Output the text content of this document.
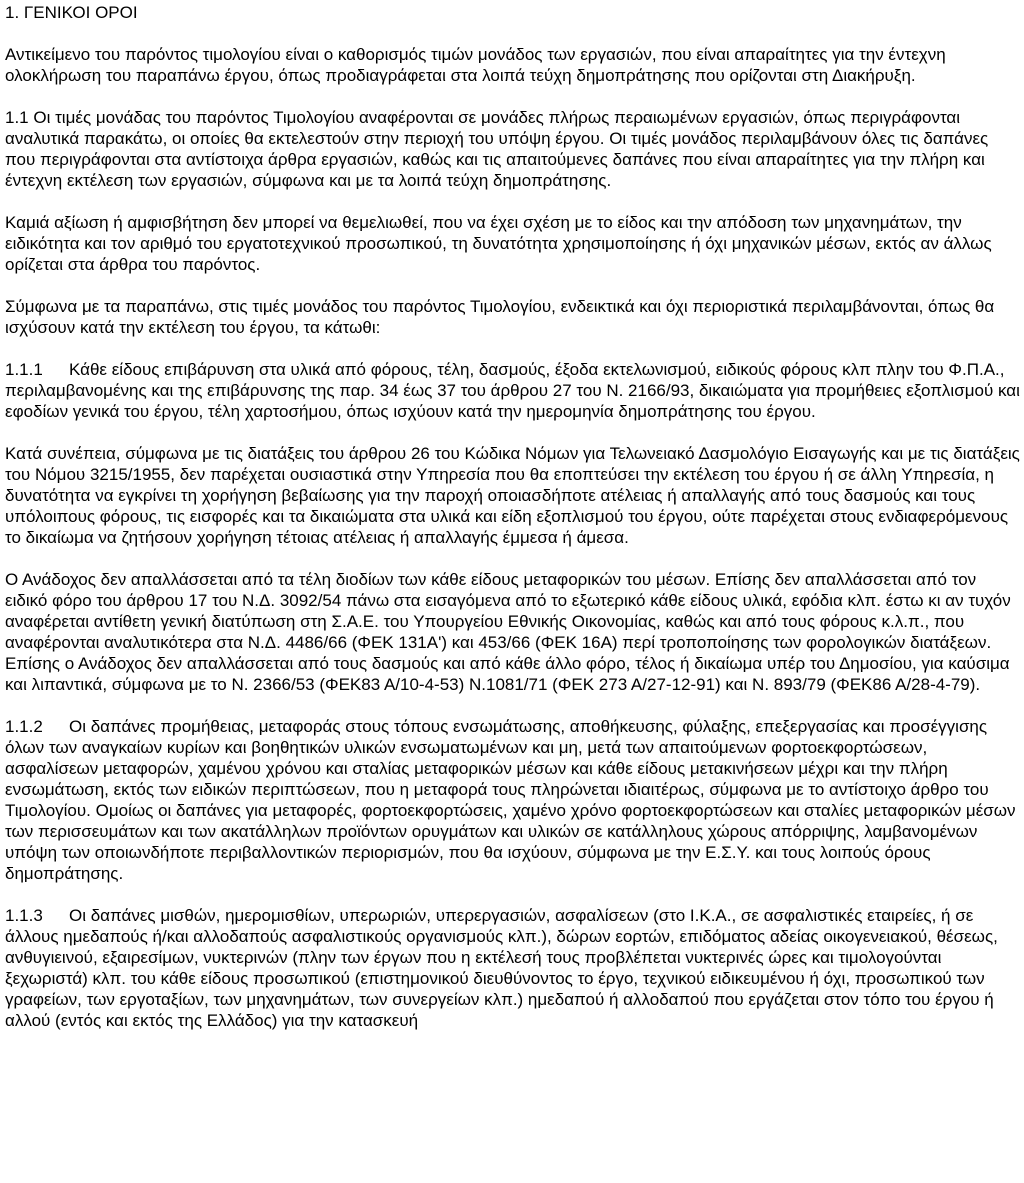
1. ΓΕΝΙΚΟΙ ΟΡΟΙ

Αντικείμενο του παρόντος τιμολογίου είναι ο καθορισμός τιμών μονάδος των εργασιών, που είναι απαραίτητες για την έντεχνη ολοκλήρωση του παραπάνω έργου, όπως προδιαγράφεται στα λοιπά τεύχη δημοπράτησης που ορίζονται στη Διακήρυξη.

1.1 Οι τιμές μονάδας του παρόντος Τιμολογίου αναφέρονται σε μονάδες πλήρως περαιωμένων εργασιών, όπως περιγράφονται αναλυτικά παρακάτω, οι οποίες θα εκτελεστούν στην περιοχή του υπόψη έργου. Οι τιμές μονάδος περιλαμβάνουν όλες τις δαπάνες που περιγράφονται στα αντίστοιχα άρθρα εργασιών, καθώς και τις απαιτούμενες δαπάνες που είναι απαραίτητες για την πλήρη και έντεχνη εκτέλεση των εργασιών, σύμφωνα και με τα λοιπά τεύχη δημοπράτησης.

Καμιά αξίωση ή αμφισβήτηση δεν μπορεί να θεμελιωθεί, που να έχει σχέση με το είδος και την απόδοση των μηχανημάτων, την ειδικότητα και τον αριθμό του εργατοτεχνικού προσωπικού, τη δυνατότητα χρησιμοποίησης ή όχι μηχανικών μέσων, εκτός αν άλλως ορίζεται στα άρθρα του παρόντος.

Σύμφωνα με τα παραπάνω, στις τιμές μονάδος του παρόντος Τιμολογίου, ενδεικτικά και όχι περιοριστικά περιλαμβάνονται, όπως θα ισχύσουν κατά την εκτέλεση του έργου, τα κάτωθι:

1.1.1 Κάθε είδους επιβάρυνση στα υλικά από φόρους, τέλη, δασμούς, έξοδα εκτελωνισμού, ειδικούς φόρους κλπ πλην του Φ.Π.Α., περιλαμβανομένης και της επιβάρυνσης της παρ. 34 έως 37 του άρθρου 27 του Ν. 2166/93, δικαιώματα για προμήθειες εξοπλισμού και εφοδίων γενικά του έργου, τέλη χαρτοσήμου, όπως ισχύουν κατά την ημερομηνία δημοπράτησης του έργου.

Κατά συνέπεια, σύμφωνα με τις διατάξεις του άρθρου 26 του Κώδικα Νόμων για Τελωνειακό Δασμολόγιο Εισαγωγής και με τις διατάξεις του Νόμου 3215/1955, δεν παρέχεται ουσιαστικά στην Υπηρεσία που θα εποπτεύσει την εκτέλεση του έργου ή σε άλλη Υπηρεσία, η δυνατότητα να εγκρίνει τη χορήγηση βεβαίωσης για την παροχή οποιασδήποτε ατέλειας ή απαλλαγής από τους δασμούς και τους υπόλοιπους φόρους, τις εισφορές και τα δικαιώματα στα υλικά και είδη εξοπλισμού του έργου, ούτε παρέχεται στους ενδιαφερόμενους το δικαίωμα να ζητήσουν χορήγηση τέτοιας ατέλειας ή απαλλαγής έμμεσα ή άμεσα.

Ο Ανάδοχος δεν απαλλάσσεται από τα τέλη διοδίων των κάθε είδους μεταφορικών του μέσων. Επίσης δεν απαλλάσσεται από τον ειδικό φόρο του άρθρου 17 του Ν.Δ. 3092/54 πάνω στα εισαγόμενα από το εξωτερικό κάθε είδους υλικά, εφόδια κλπ. έστω κι αν τυχόν αναφέρεται αντίθετη γενική διατύπωση στη Σ.Α.Ε. του Υπουργείου Εθνικής Οικονομίας, καθώς και από τους φόρους κ.λ.π., που αναφέρονται αναλυτικότερα στα Ν.Δ. 4486/66 (ΦΕΚ 131Α') και 453/66 (ΦΕΚ 16Α) περί τροποποίησης των φορολογικών διατάξεων. Επίσης ο Ανάδοχος δεν απαλλάσσεται από τους δασμούς και από κάθε άλλο φόρο, τέλος ή δικαίωμα υπέρ του Δημοσίου, για καύσιμα και λιπαντικά, σύμφωνα με το Ν. 2366/53 (ΦΕΚ83 Α/10-4-53) Ν.1081/71 (ΦΕΚ 273 Α/27-12-91) και Ν. 893/79 (ΦΕΚ86 Α/28-4-79).

1.1.2 Οι δαπάνες προμήθειας, μεταφοράς στους τόπους ενσωμάτωσης, αποθήκευσης, φύλαξης, επεξεργασίας και προσέγγισης όλων των αναγκαίων κυρίων και βοηθητικών υλικών ενσωματωμένων και μη, μετά των απαιτούμενων φορτοεκφορτώσεων, ασφαλίσεων μεταφορών, χαμένου χρόνου και σταλίας μεταφορικών μέσων και κάθε είδους μετακινήσεων μέχρι και την πλήρη ενσωμάτωση, εκτός των ειδικών περιπτώσεων, που η μεταφορά τους πληρώνεται ιδιαιτέρως, σύμφωνα με το αντίστοιχο άρθρο του Τιμολογίου. Ομοίως οι δαπάνες για μεταφορές, φορτοεκφορτώσεις, χαμένο χρόνο φορτοεκφορτώσεων και σταλίες μεταφορικών μέσων των περισσευμάτων και των ακατάλληλων προϊόντων ορυγμάτων και υλικών σε κατάλληλους χώρους απόρριψης, λαμβανομένων υπόψη των οποιωνδήποτε περιβαλλοντικών περιορισμών, που θα ισχύουν, σύμφωνα με την Ε.Σ.Υ. και τους λοιπούς όρους δημοπράτησης.

1.1.3 Οι δαπάνες μισθών, ημερομισθίων, υπερωριών, υπερεργασιών, ασφαλίσεων (στο Ι.Κ.Α., σε ασφαλιστικές εταιρείες, ή σε άλλους ημεδαπούς ή/και αλλοδαπούς ασφαλιστικούς οργανισμούς κλπ.), δώρων εορτών, επιδόματος αδείας οικογενειακού, θέσεως, ανθυγιεινού, εξαιρεσίμων, νυκτερινών (πλην των έργων που η εκτέλεσή τους προβλέπεται νυκτερινές ώρες και τιμολογούνται ξεχωριστά) κλπ. του κάθε είδους προσωπικού (επιστημονικού διευθύνοντος το έργο, τεχνικού ειδικευμένου ή όχι, προσωπικού των γραφείων, των εργοταξίων, των μηχανημάτων, των συνεργείων κλπ.) ημεδαπού ή αλλοδαπού που εργάζεται στον τόπο του έργου ή αλλού (εντός και εκτός της Ελλάδος) για την κατασκευή
